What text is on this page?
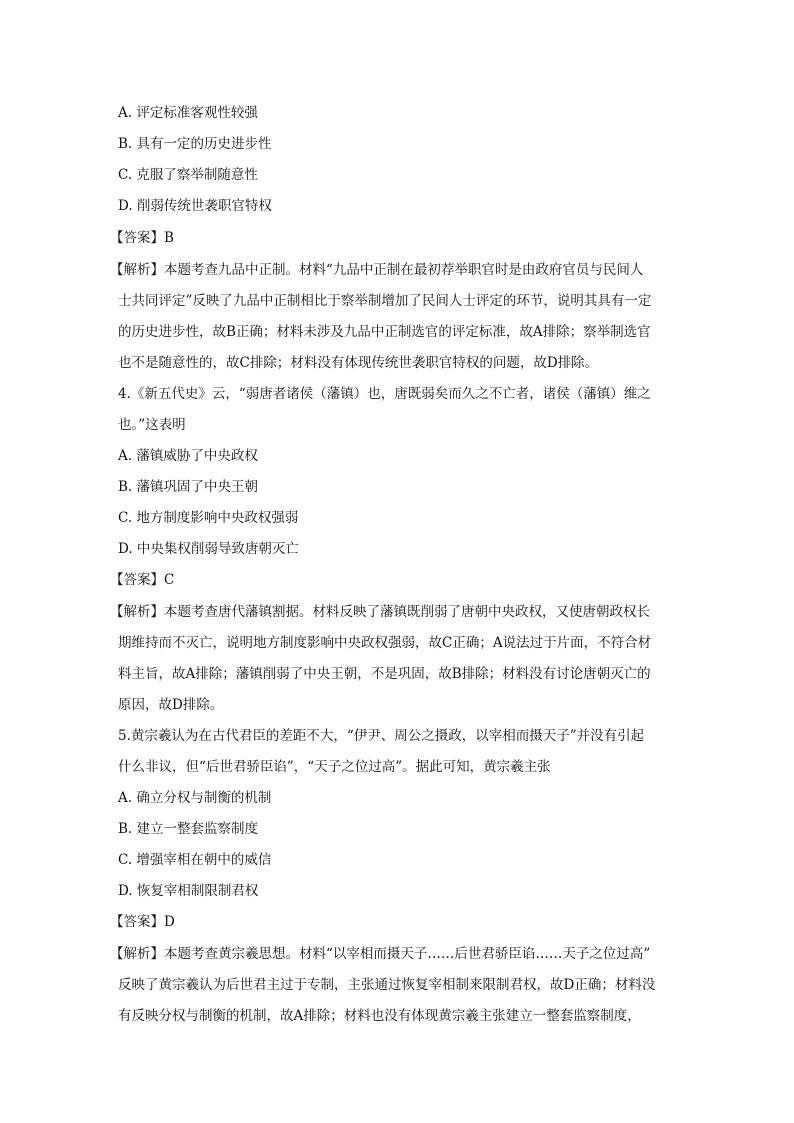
A. 评定标准客观性较强
B. 具有一定的历史进步性
C. 克服了察举制随意性
D. 削弱传统世袭职官特权
【答案】B
【解析】本题考查九品中正制。材料“九品中正制在最初荐举职官时是由政府官员与民间人
士共同评定”反映了九品中正制相比于察举制增加了民间人士评定的环节，说明其具有一定
的历史进步性，故B正确；材料未涉及九品中正制选官的评定标准，故A排除；察举制选官
也不是随意性的，故C排除；材料没有体现传统世袭职官特权的问题，故D排除。
4.《新五代史》云，“弱唐者诸侯（藩镇）也，唐既弱矣而久之不亡者，诸侯（藩镇）维之
也。”这表明
A. 藩镇威胁了中央政权
B. 藩镇巩固了中央王朝
C. 地方制度影响中央政权强弱
D. 中央集权削弱导致唐朝灭亡
【答案】C
【解析】本题考查唐代藩镇割据。材料反映了藩镇既削弱了唐朝中央政权，又使唐朝政权长
期维持而不灭亡，说明地方制度影响中央政权强弱，故C正确；A说法过于片面，不符合材
料主旨，故A排除；藩镇削弱了中央王朝，不是巩固，故B排除；材料没有讨论唐朝灭亡的
原因，故D排除。
5.黄宗羲认为在古代君臣的差距不大，“伊尹、周公之摄政，以宰相而摄天子”并没有引起
什么非议，但“后世君骄臣谄”，“天子之位过高”。据此可知，黄宗羲主张
A. 确立分权与制衡的机制
B. 建立一整套监察制度
C. 增强宰相在朝中的威信
D. 恢复宰相制限制君权
【答案】D
【解析】本题考查黄宗羲思想。材料“以宰相而摄天子……后世君骄臣谄……天子之位过高”
反映了黄宗羲认为后世君主过于专制，主张通过恢复宰相制来限制君权，故D正确；材料没
有反映分权与制衡的机制，故A排除；材料也没有体现黄宗羲主张建立一整套监察制度，
